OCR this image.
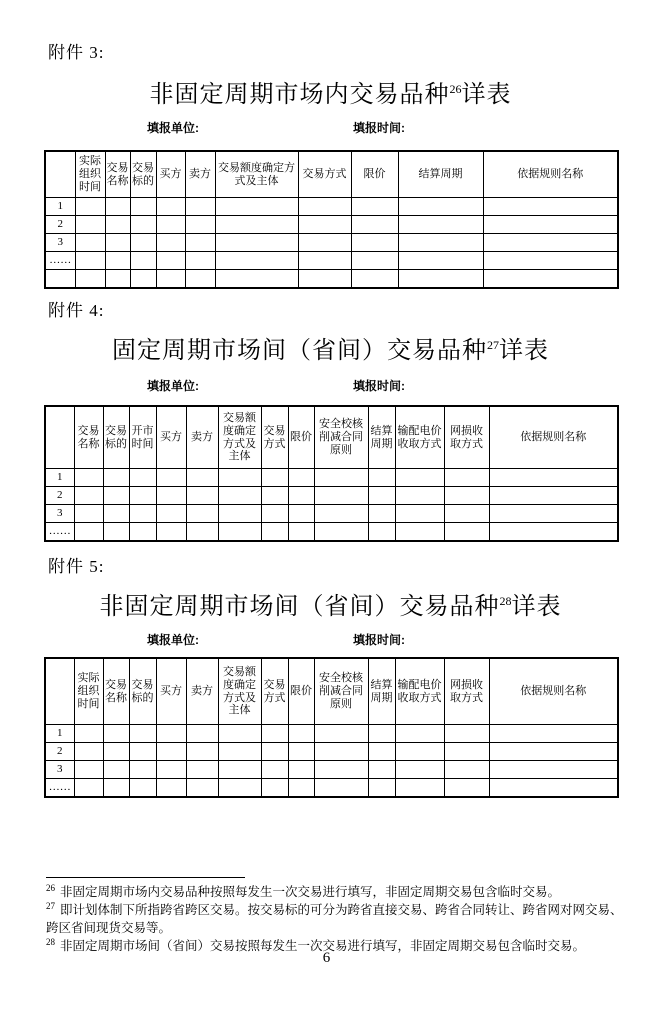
附件 3:
非固定周期市场内交易品种$^{26}$详表
填报单位:	填报时间:
	实际组织时间	交易名称	交易标的	买方	卖方	交易额度确定方式及主体	交易方式	限价	结算周期	依据规则名称
1										
2										
3										
……										

附件 4:
固定周期市场间（省间）交易品种$^{27}$详表
填报单位:	填报时间:
	交易名称	交易标的	开市时间	买方	卖方	交易额度确定方式及主体	交易方式	限价	安全校核削减合同原则	结算周期	输配电价收取方式	网损收取方式	依据规则名称
1													
2													
3													
……													
附件 5:
非固定周期市场间（省间）交易品种$^{28}$详表
填报单位:	填报时间:
	实际组织时间	交易名称	交易标的	买方	卖方	交易额度确定方式及主体	交易方式	限价	安全校核削减合同原则	结算周期	输配电价收取方式	网损收取方式	依据规则名称
1													
2													
3													
……													
$^{26}$ 非固定周期市场内交易品种按照每发生一次交易进行填写，非固定周期交易包含临时交易。
$^{27}$ 即计划体制下所指跨省跨区交易。按交易标的可分为跨省直接交易、跨省合同转让、跨省网对网交易、跨区省间现货交易等。
$^{28}$ 非固定周期市场间（省间）交易按照每发生一次交易进行填写，非固定周期交易包含临时交易。
6
